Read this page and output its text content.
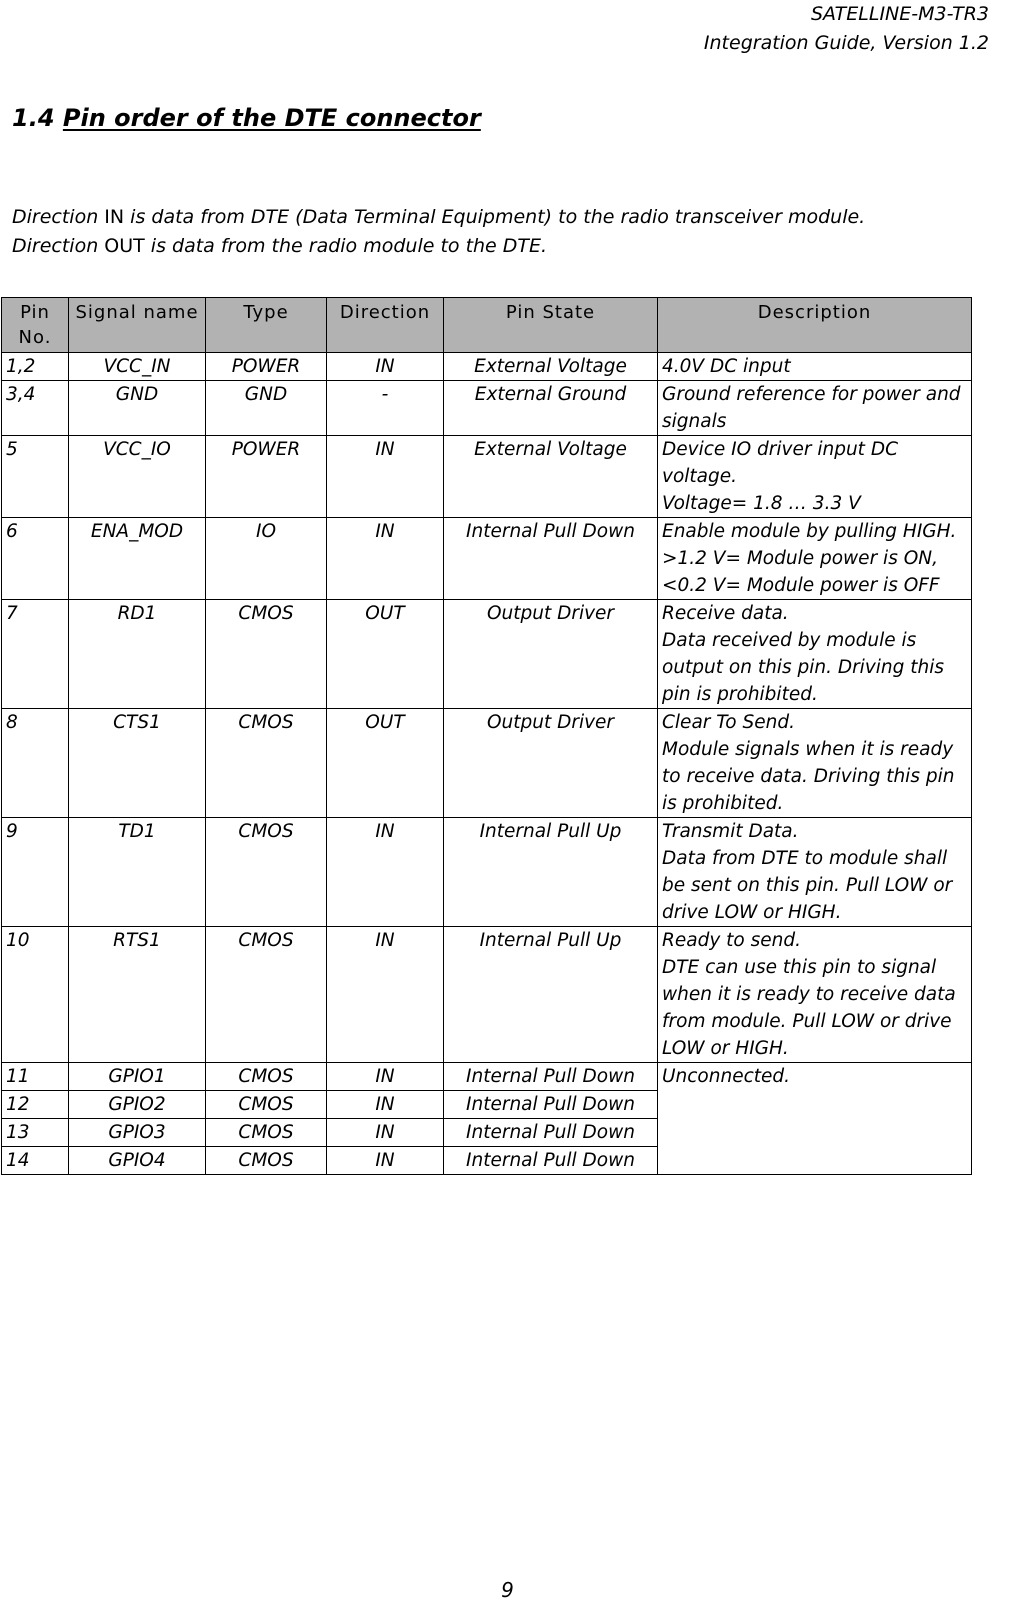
SATELLINE-M3-TR3
Integration Guide, Version 1.2
1.4 Pin order of the DTE connector
Direction IN is data from DTE (Data Terminal Equipment) to the radio transceiver module.
Direction OUT is data from the radio module to the DTE.
Pin No.	Signal name	Type	Direction	Pin State	Description
1,2	VCC_IN	POWER	IN	External Voltage	4.0V DC input

3,4	GND	GND	-	External Ground	Ground reference for power and signals

5	VCC_IO	POWER	IN	External Voltage	Device IO driver input DC voltage.
Voltage= 1.8 … 3.3 V

6	ENA_MOD	IO	IN	Internal Pull Down	Enable module by pulling HIGH.
>1.2 V= Module power is ON,
<0.2 V= Module power is OFF

7	RD1	CMOS	OUT	Output Driver	Receive data.
Data received by module is output on this pin. Driving this pin is prohibited.

8	CTS1	CMOS	OUT	Output Driver	Clear To Send.
Module signals when it is ready to receive data. Driving this pin is prohibited.

9	TD1	CMOS	IN	Internal Pull Up	Transmit Data.
Data from DTE to module shall be sent on this pin. Pull LOW or drive LOW or HIGH.

10	RTS1	CMOS	IN	Internal Pull Up	Ready to send.
DTE can use this pin to signal when it is ready to receive data from module. Pull LOW or drive LOW or HIGH.

11	GPIO1	CMOS	IN	Internal Pull Down	Unconnected.
12	GPIO2	CMOS	IN	Internal Pull Down	
13	GPIO3	CMOS	IN	Internal Pull Down	
14	GPIO4	CMOS	IN	Internal Pull Down	
9
